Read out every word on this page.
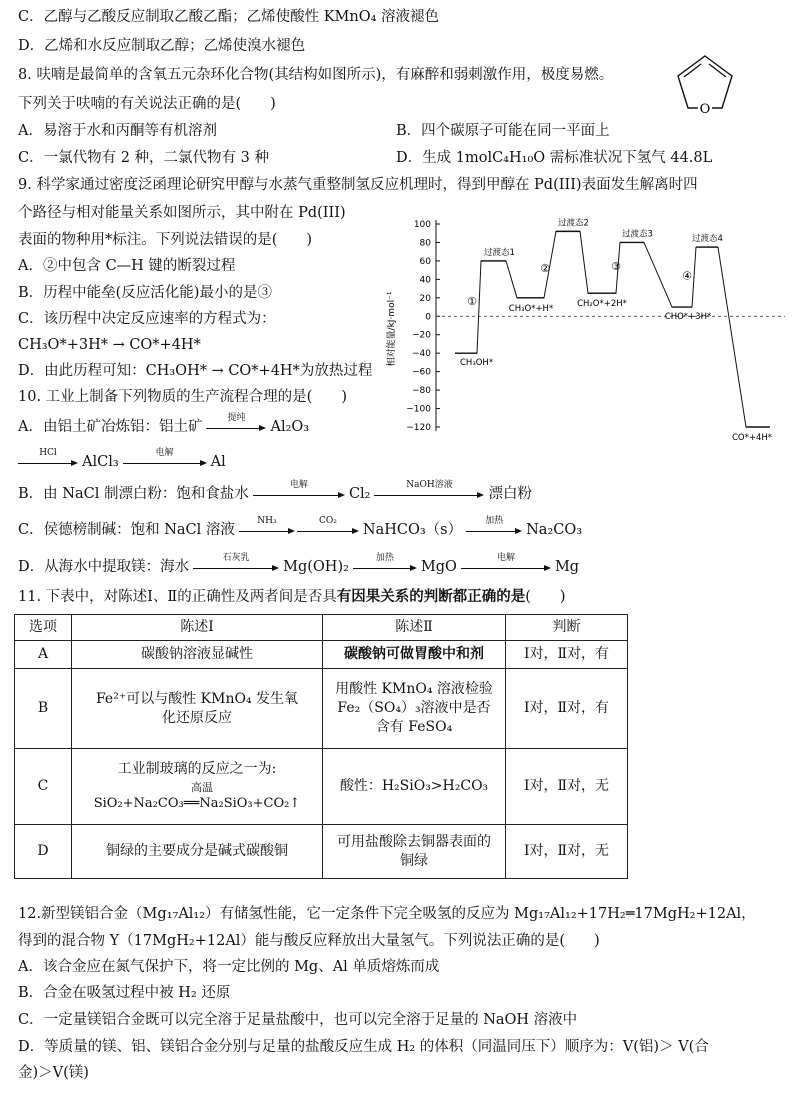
C．乙醇与乙酸反应制取乙酸乙酯；乙烯使酸性 KMnO₄ 溶液褪色
D．乙烯和水反应制取乙醇；乙烯使溴水褪色
8. 呋喃是最简单的含氧五元杂环化合物(其结构如图所示)，有麻醉和弱刺激作用，极度易燃。
下列关于呋喃的有关说法正确的是(　　)
A．易溶于水和丙酮等有机溶剂	B．四个碳原子可能在同一平面上
C．一氯代物有 2 种，二氯代物有 3 种	D．生成 1molC₄H₁₀O 需标准状况下氢气 44.8L
9. 科学家通过密度泛函理论研究甲醇与水蒸气重整制氢反应机理时，得到甲醇在 Pd(III)表面发生解离时四
个路径与相对能量关系如图所示，其中附在 Pd(III)
表面的物种用*标注。下列说法错误的是(　　)
A．②中包含 C—H 键的断裂过程
B．历程中能垒(反应活化能)最小的是③
C．该历程中决定反应速率的方程式为：
CH₃O*+3H* → CO*+4H*
D．由此历程可知：CH₃OH* → CO*+4H*为放热过程
10. 工业上制备下列物质的生产流程合理的是(　　)
A．由铝土矿冶炼铝：铝土矿
提纯
Al₂O₃
HCl
AlCl₃
电解
Al
B．由 NaCl 制漂白粉：饱和食盐水
电解
Cl₂
NaOH溶液
漂白粉
C．侯德榜制碱：饱和 NaCl 溶液
NH₃	CO₂
NaHCO₃（s）
加热
Na₂CO₃
D．从海水中提取镁：海水
石灰乳
Mg(OH)₂
加热
MgO
电解
Mg
11. 下表中，对陈述Ⅰ、Ⅱ的正确性及两者间是否具有因果关系的判断都正确的是(　　)
选项	陈述Ⅰ	陈述Ⅱ	判断
A	碳酸钠溶液显碱性	碳酸钠可做胃酸中和剂	Ⅰ对，Ⅱ对，有
B	Fe²⁺可以与酸性 KMnO₄ 发生氧化还原反应	用酸性 KMnO₄ 溶液检验 Fe₂（SO₄）₃溶液中是否含有 FeSO₄	Ⅰ对，Ⅱ对，有
C	工业制玻璃的反应之一为:
高温
SiO₂+Na₂CO₃══Na₂SiO₃+CO₂↑	酸性：H₂SiO₃>H₂CO₃	Ⅰ对，Ⅱ对，无
D	铜绿的主要成分是碱式碳酸铜	可用盐酸除去铜器表面的铜绿	Ⅰ对，Ⅱ对，无
12.新型镁铝合金（Mg₁₇Al₁₂）有储氢性能，它一定条件下完全吸氢的反应为 Mg₁₇Al₁₂+17H₂═17MgH₂+12Al，
得到的混合物 Y（17MgH₂+12Al）能与酸反应释放出大量氢气。下列说法正确的是(　　)
A．该合金应在氮气保护下，将一定比例的 Mg、Al 单质熔炼而成
B．合金在吸氢过程中被 H₂ 还原
C．一定量镁铝合金既可以完全溶于足量盐酸中，也可以完全溶于足量的 NaOH 溶液中
D．等质量的镁、铝、镁铝合金分别与足量的盐酸反应生成 H₂ 的体积（同温同压下）顺序为：V(铝)＞ V(合
金)＞V(镁)
O
100
80
60
40
20
0
−20
−40
−60
−80
−100
−120
CH₃OH*
过渡态1
CH₃O*+H*
过渡态2
CH₂O*+2H*
过渡态3
CHO*+3H*
过渡态4
CO*+4H*
①
②	③
④
相对能量/kJ·mol⁻¹
